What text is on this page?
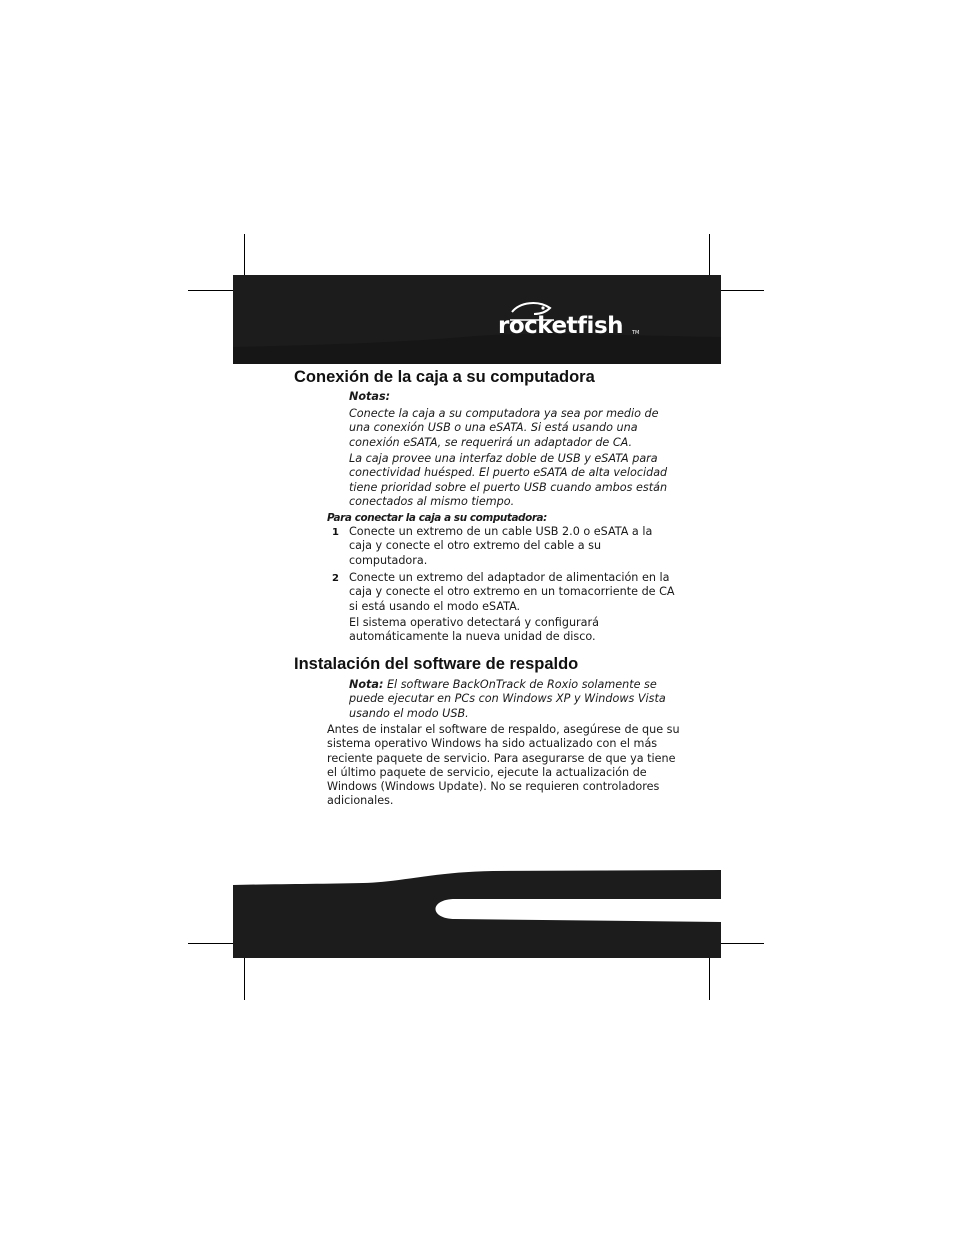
rocketfish TM
Conexión de la caja a su computadora
Notas:
Conecte la caja a su computadora ya sea por medio de una conexión USB o una eSATA. Si está usando una conexión eSATA, se requerirá un adaptador de CA.
La caja provee una interfaz doble de USB y eSATA para conectividad huésped. El puerto eSATA de alta velocidad tiene prioridad sobre el puerto USB cuando ambos están conectados al mismo tiempo.
Para conectar la caja a su computadora:
1 Conecte un extremo de un cable USB 2.0 o eSATA a la caja y conecte el otro extremo del cable a su computadora.
2 Conecte un extremo del adaptador de alimentación en la caja y conecte el otro extremo en un tomacorriente de CA si está usando el modo eSATA.
El sistema operativo detectará y configurará automáticamente la nueva unidad de disco.
Instalación del software de respaldo
Nota: El software BackOnTrack de Roxio solamente se puede ejecutar en PCs con Windows XP y Windows Vista usando el modo USB.
Antes de instalar el software de respaldo, asegúrese de que su sistema operativo Windows ha sido actualizado con el más reciente paquete de servicio. Para asegurarse de que ya tiene el último paquete de servicio, ejecute la actualización de Windows (Windows Update). No se requieren controladores adicionales.
RF-AHD25 71
